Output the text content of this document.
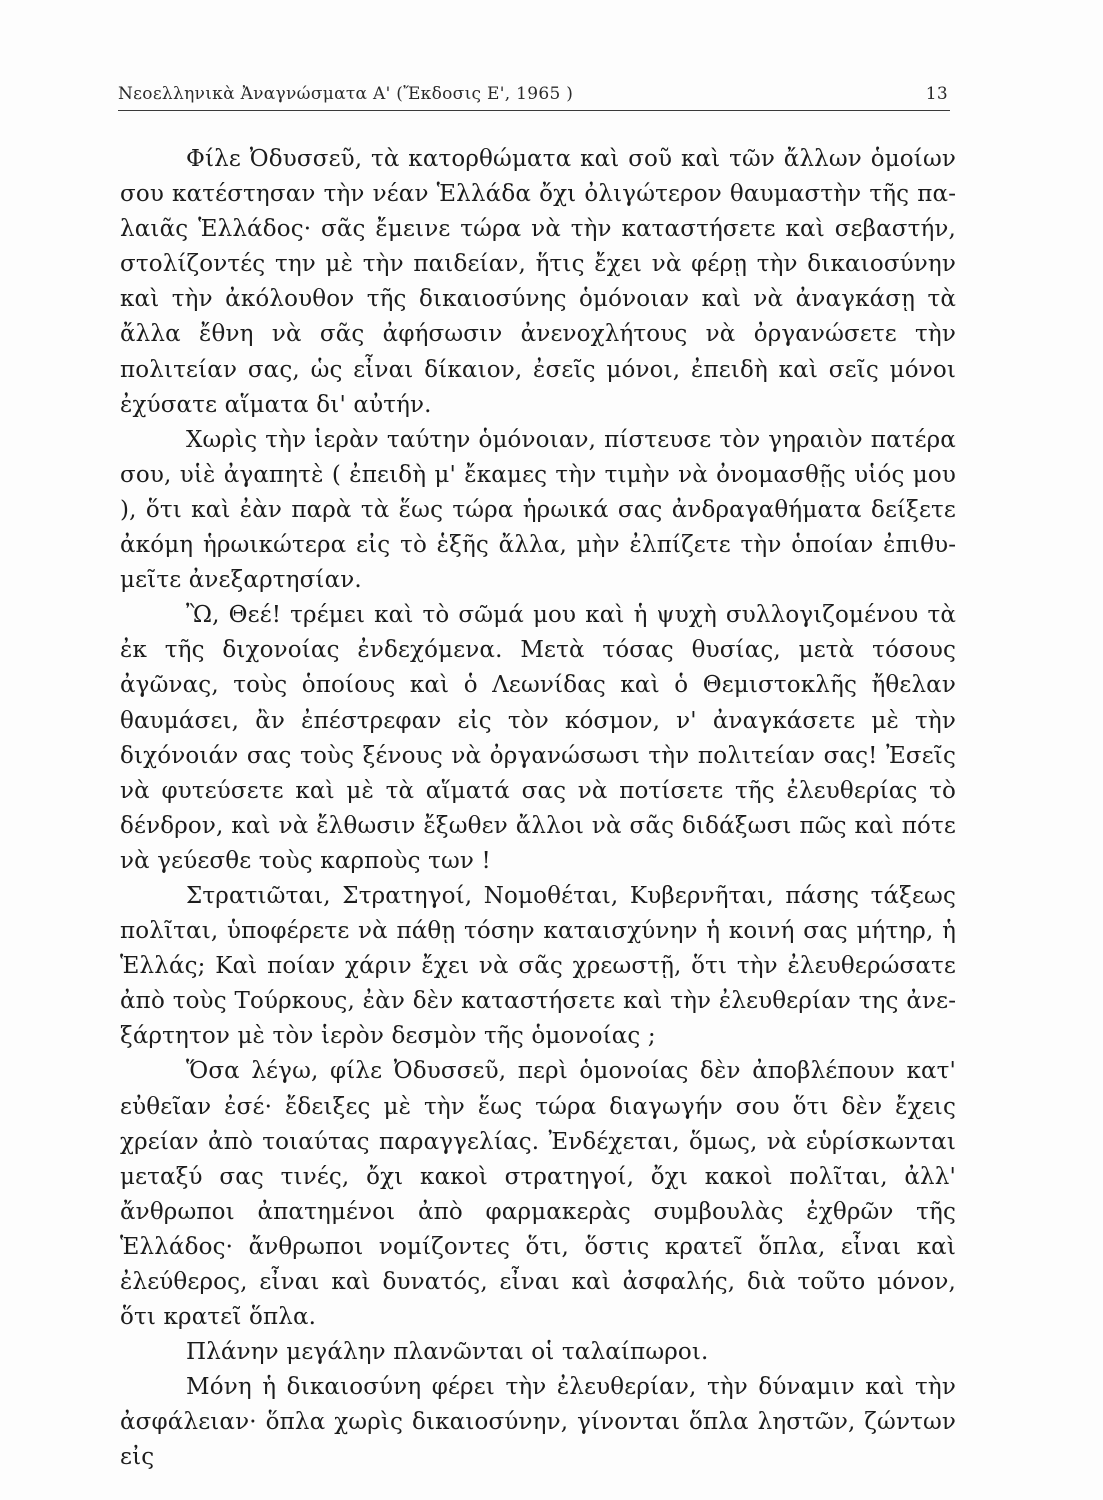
Νεοελληνικὰ Ἀναγνώσματα Α' (Ἔκδοσις Ε', 1965 )	13

Φίλε Ὀδυσσεῦ, τὰ κατορθώματα καὶ σοῦ καὶ τῶν ἄλλων ὁμοίων σου κατέστησαν τὴν νέαν Ἑλλάδα ὄχι ὀλιγώτερον θαυμαστὴν τῆς παλαιᾶς Ἑλλάδος· σᾶς ἔμεινε τώρα νὰ τὴν καταστήσετε καὶ σεβαστήν, στολίζοντές την μὲ τὴν παιδείαν, ἥτις ἔχει νὰ φέρῃ τὴν δικαιοσύνην καὶ τὴν ἀκόλουθον τῆς δικαιοσύνης ὁμόνοιαν καὶ νὰ ἀναγκάσῃ τὰ ἄλλα ἔθνη νὰ σᾶς ἀφήσωσιν ἀνενοχλήτους νὰ ὀργανώσετε τὴν πολιτείαν σας, ὡς εἶναι δίκαιον, ἐσεῖς μόνοι, ἐπειδὴ καὶ σεῖς μόνοι ἐχύσατε αἵματα δι' αὐτήν.

Χωρὶς τὴν ἱερὰν ταύτην ὁμόνοιαν, πίστευσε τὸν γηραιὸν πατέρα σου, υἱὲ ἀγαπητὲ ( ἐπειδὴ μ' ἔκαμες τὴν τιμὴν νὰ ὀνομασθῇς υἱός μου ), ὅτι καὶ ἐὰν παρὰ τὰ ἕως τώρα ἡρωικά σας ἀνδραγαθήματα δείξετε ἀκόμη ἡρωικώτερα εἰς τὸ ἑξῆς ἄλλα, μὴν ἐλπίζετε τὴν ὁποίαν ἐπιθυμεῖτε ἀνεξαρτησίαν.

Ὢ, Θεέ! τρέμει καὶ τὸ σῶμά μου καὶ ἡ ψυχὴ συλλογιζομένου τὰ ἐκ τῆς διχονοίας ἐνδεχόμενα. Μετὰ τόσας θυσίας, μετὰ τόσους ἀγῶνας, τοὺς ὁποίους καὶ ὁ Λεωνίδας καὶ ὁ Θεμιστοκλῆς ἤθελαν θαυμάσει, ἂν ἐπέστρεφαν εἰς τὸν κόσμον, ν' ἀναγκάσετε μὲ τὴν διχόνοιάν σας τοὺς ξένους νὰ ὀργανώσωσι τὴν πολιτείαν σας! Ἐσεῖς νὰ φυτεύσετε καὶ μὲ τὰ αἵματά σας νὰ ποτίσετε τῆς ἐλευθερίας τὸ δένδρον, καὶ νὰ ἔλθωσιν ἔξωθεν ἄλλοι νὰ σᾶς διδάξωσι πῶς καὶ πότε νὰ γεύεσθε τοὺς καρποὺς των !

Στρατιῶται, Στρατηγοί, Νομοθέται, Κυβερνῆται, πάσης τάξεως πολῖται, ὑποφέρετε νὰ πάθῃ τόσην καταισχύνην ἡ κοινή σας μήτηρ, ἡ Ἑλλάς; Καὶ ποίαν χάριν ἔχει νὰ σᾶς χρεωστῇ, ὅτι τὴν ἐλευθερώσατε ἀπὸ τοὺς Τούρκους, ἐὰν δὲν καταστήσετε καὶ τὴν ἐλευθερίαν της ἀνεξάρτητον μὲ τὸν ἱερὸν δεσμὸν τῆς ὁμονοίας ;

Ὅσα λέγω, φίλε Ὀδυσσεῦ, περὶ ὁμονοίας δὲν ἀποβλέπουν κατ' εὐθεῖαν ἐσέ· ἔδειξες μὲ τὴν ἕως τώρα διαγωγήν σου ὅτι δὲν ἔχεις χρείαν ἀπὸ τοιαύτας παραγγελίας. Ἐνδέχεται, ὅμως, νὰ εὑρίσκωνται μεταξύ σας τινές, ὄχι κακοὶ στρατηγοί, ὄχι κακοὶ πολῖται, ἀλλ' ἄνθρωποι ἀπατημένοι ἀπὸ φαρμακερὰς συμβουλὰς ἐχθρῶν τῆς Ἑλλάδος· ἄνθρωποι νομίζοντες ὅτι, ὅστις κρατεῖ ὅπλα, εἶναι καὶ ἐλεύθερος, εἶναι καὶ δυνατός, εἶναι καὶ ἀσφαλής, διὰ τοῦτο μόνον, ὅτι κρατεῖ ὅπλα.

Πλάνην μεγάλην πλανῶνται οἱ ταλαίπωροι.

Μόνη ἡ δικαιοσύνη φέρει τὴν ἐλευθερίαν, τὴν δύναμιν καὶ τὴν ἀσφάλειαν· ὅπλα χωρὶς δικαιοσύνην, γίνονται ὅπλα ληστῶν, ζώντων εἰς
